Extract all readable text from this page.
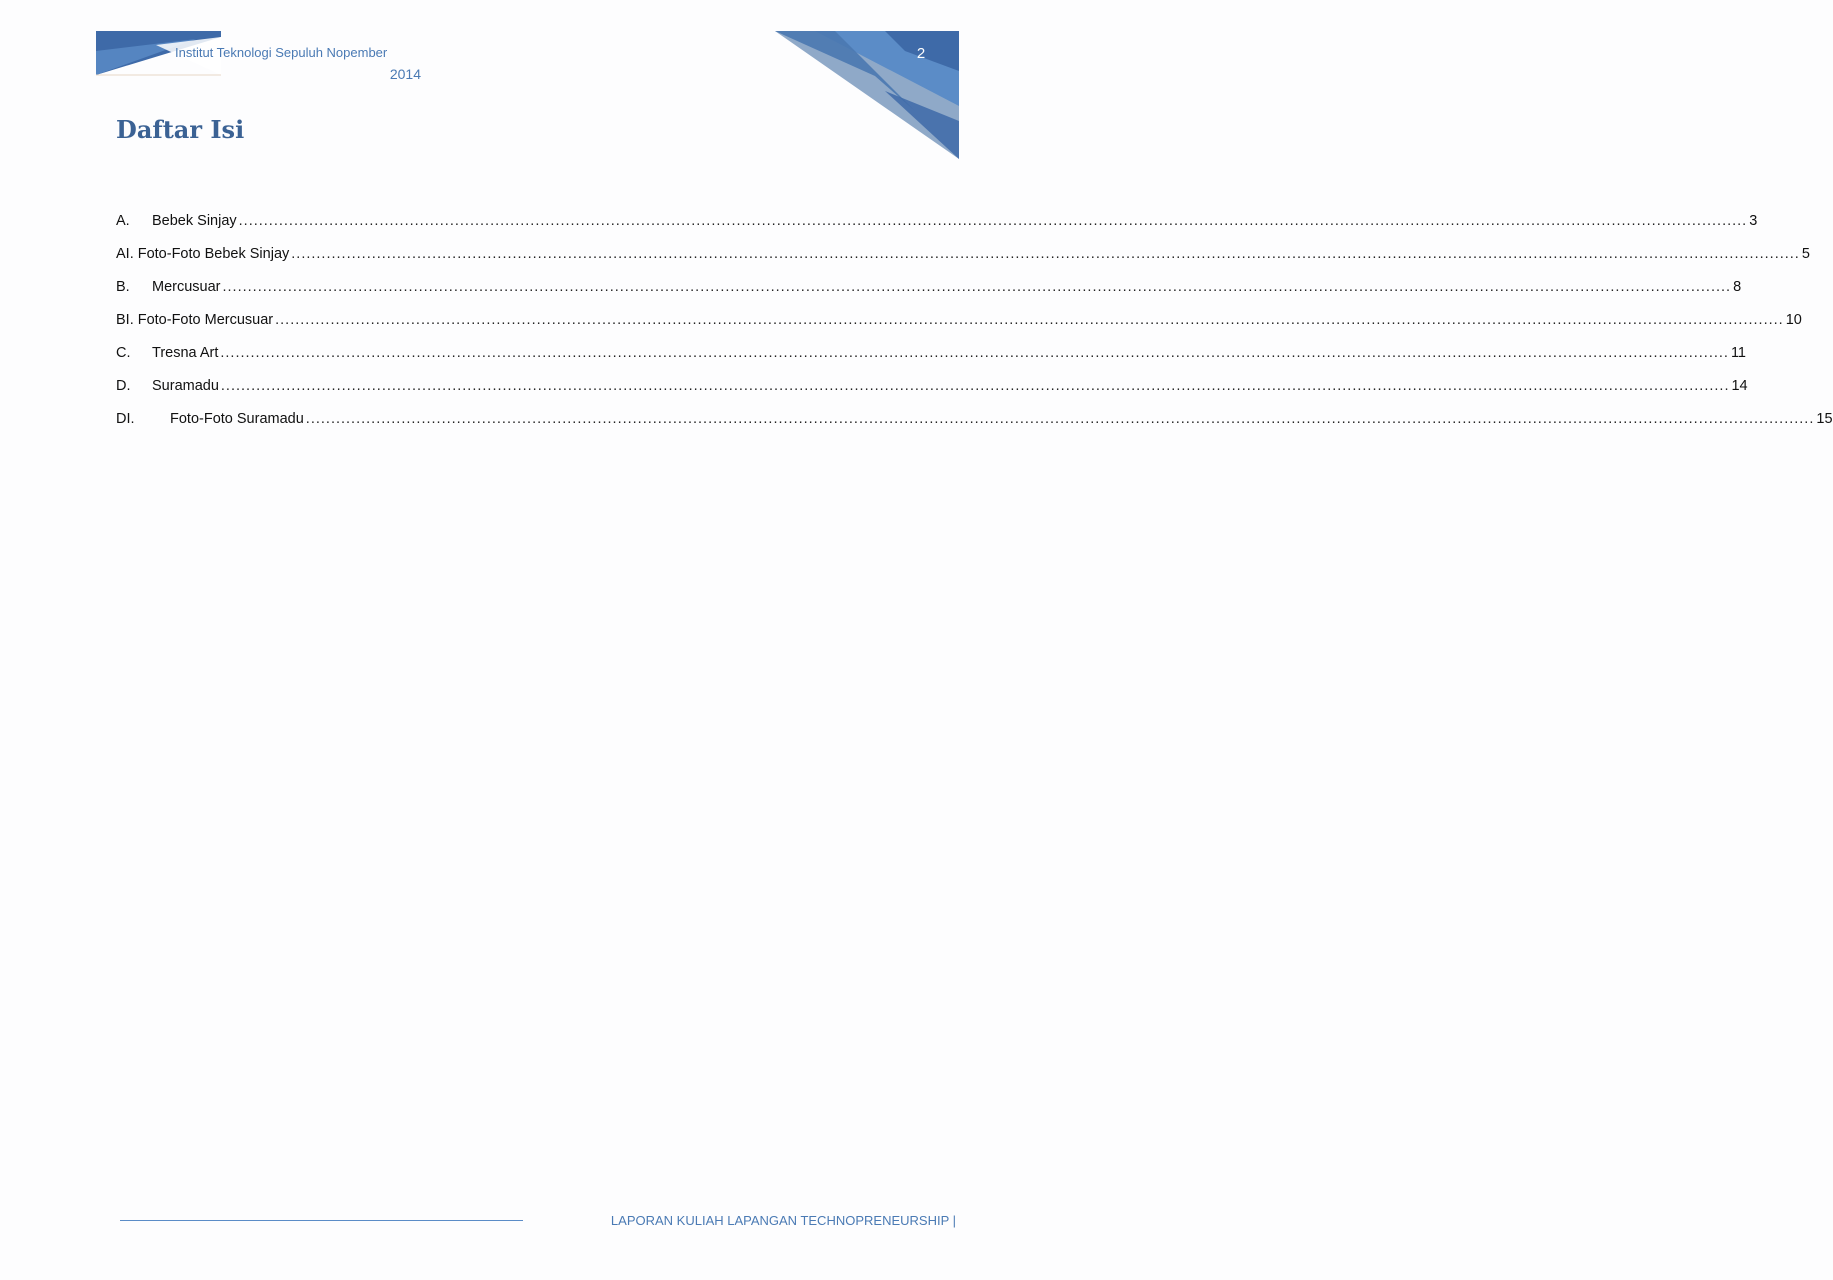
Institut Teknologi Sepuluh Nopember
2014
2
Daftar Isi
A.	Bebek Sinjay ............................................................................................................................................................................................................................................................................................................ 3
AI. Foto-Foto Bebek Sinjay ............................................................................................................................................................................................................................................................................................................ 5
B.	Mercusuar ............................................................................................................................................................................................................................................................................................................ 8
BI. Foto-Foto Mercusuar ............................................................................................................................................................................................................................................................................................................ 10
C.	Tresna Art ............................................................................................................................................................................................................................................................................................................ 11
D.	Suramadu ............................................................................................................................................................................................................................................................................................................ 14
DI.	Foto-Foto Suramadu ............................................................................................................................................................................................................................................................................................................ 15
LAPORAN KULIAH LAPANGAN TECHNOPRENEURSHIP |
